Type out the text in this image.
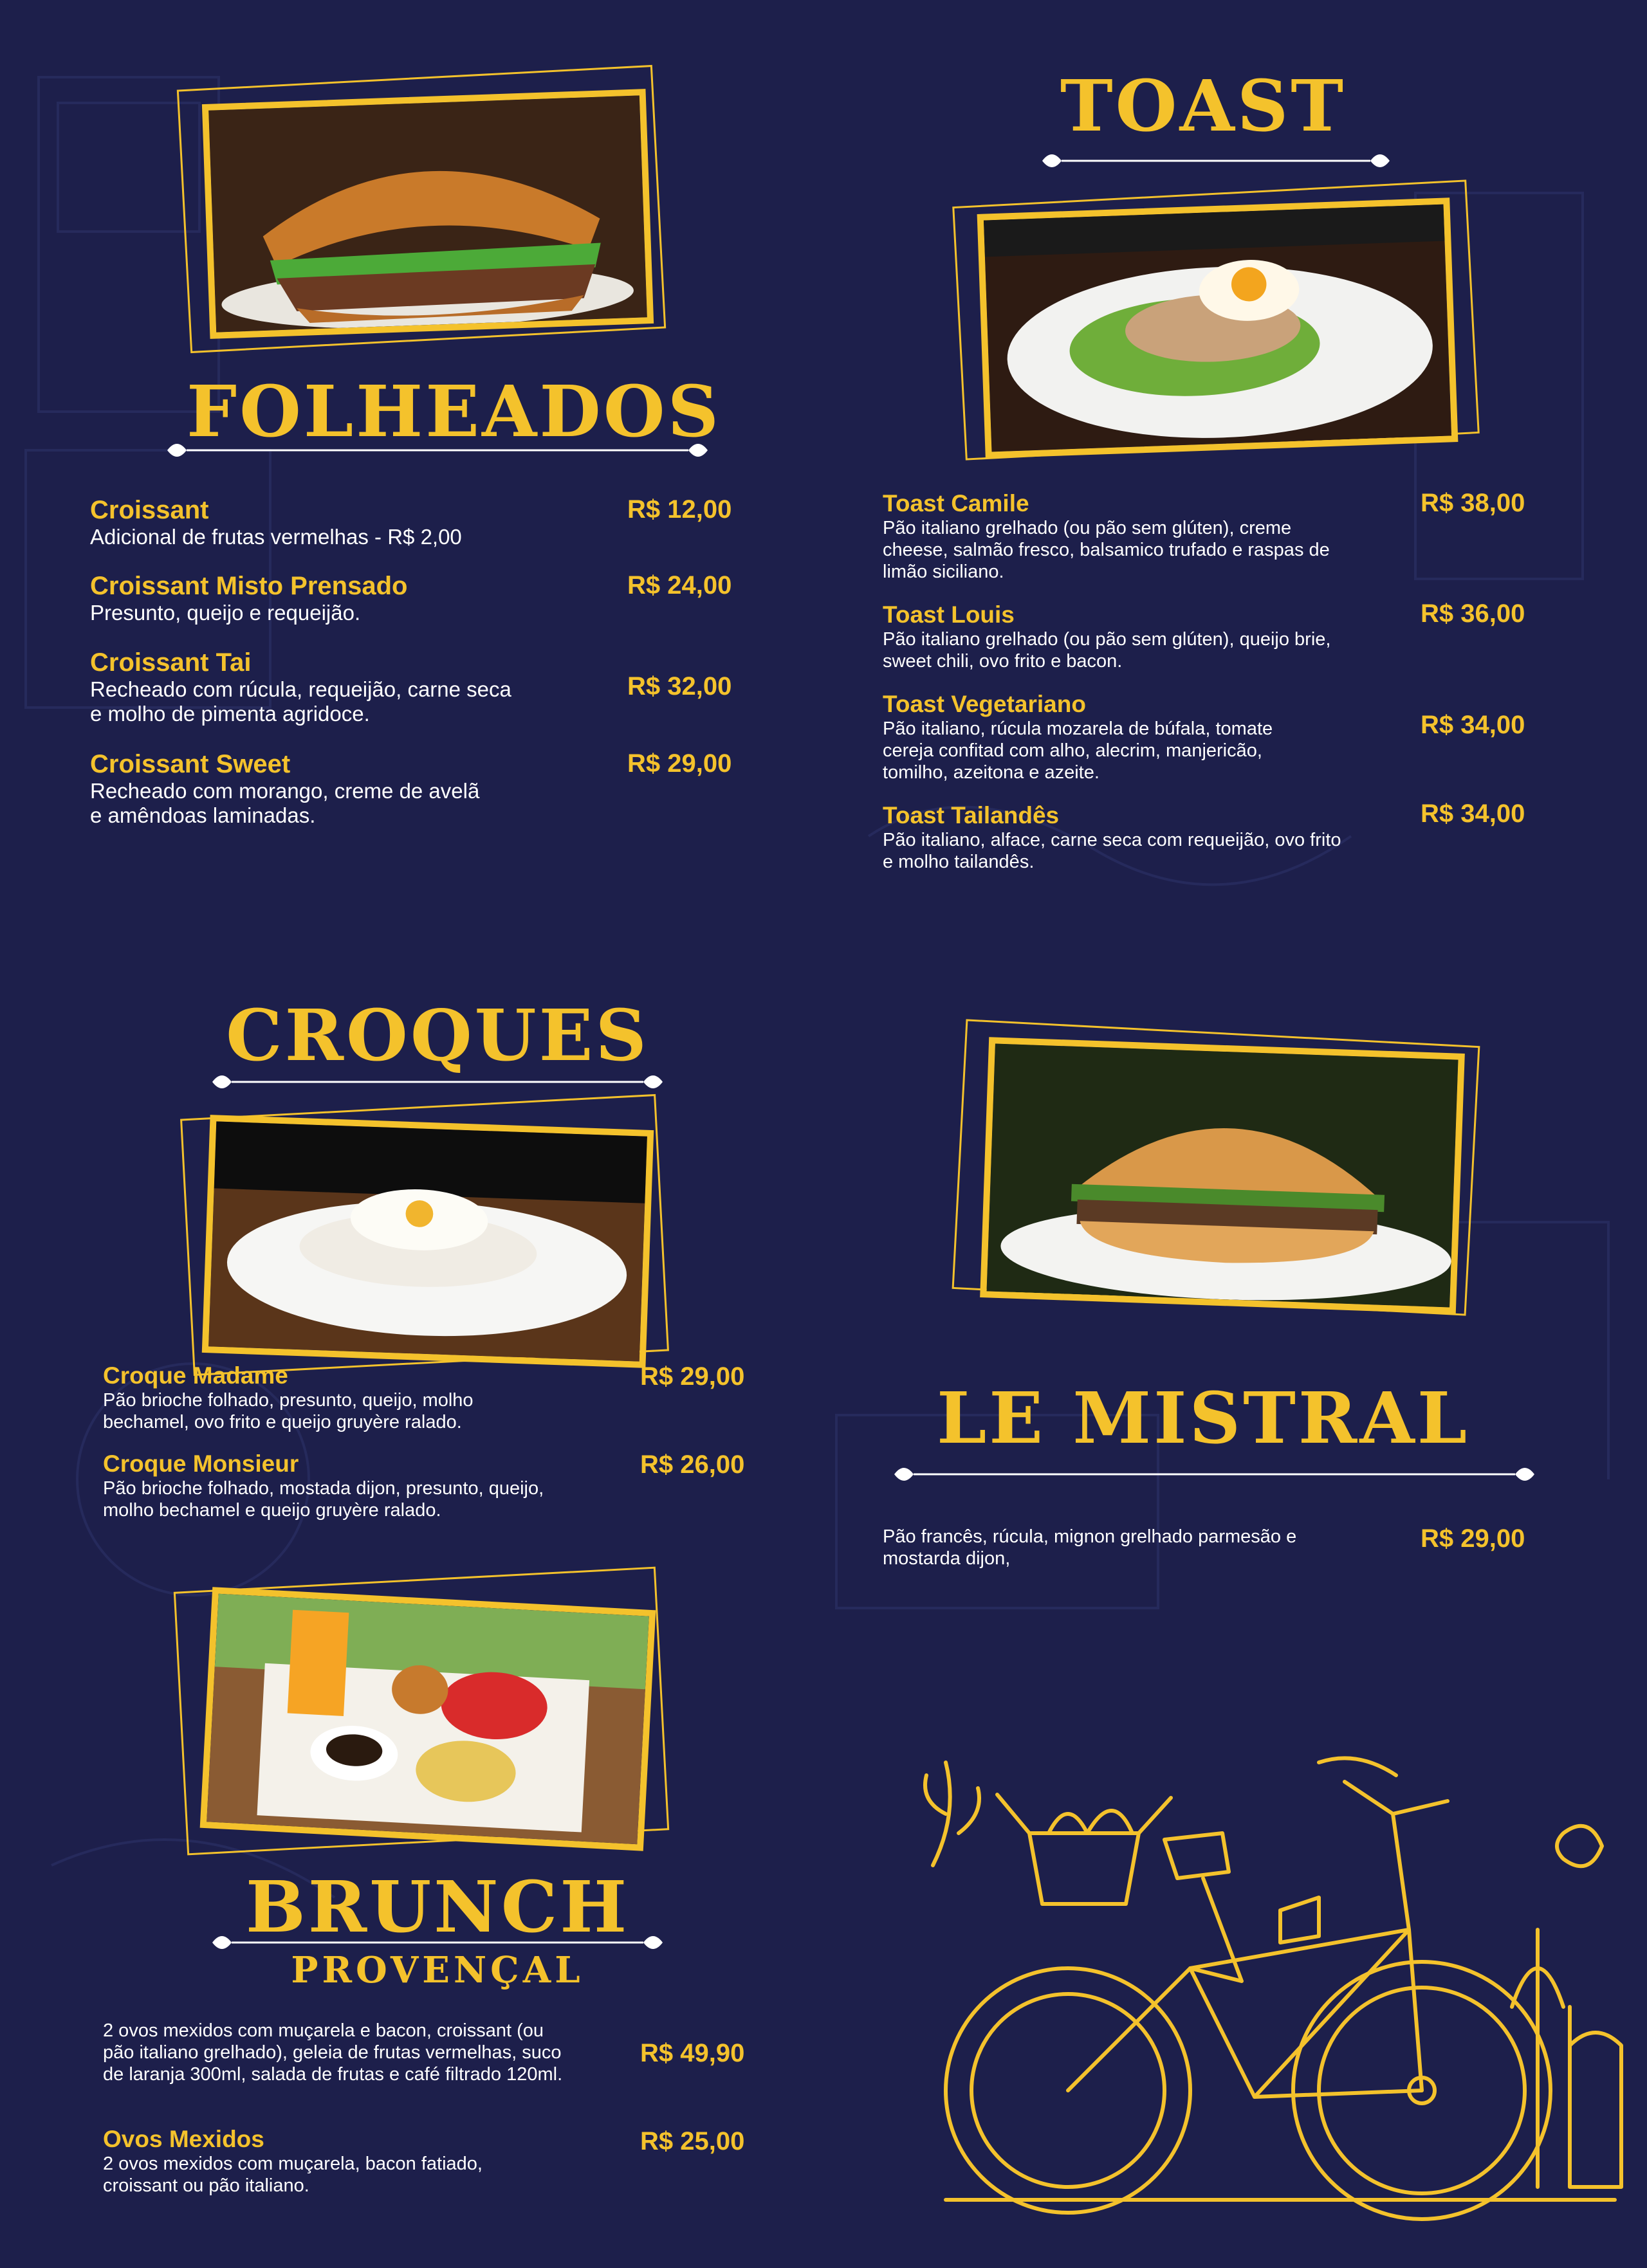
FOLHEADOS
Croissant
Adicional de frutas vermelhas - R$ 2,00
R$ 12,00
Croissant Misto Prensado
Presunto, queijo e requeijão.
R$ 24,00
Croissant Tai
Recheado com rúcula, requeijão, carne seca e molho de pimenta agridoce.
R$ 32,00
Croissant Sweet
Recheado com morango, creme de avelã e amêndoas laminadas.
R$ 29,00
TOAST
Toast Camile
Pão italiano grelhado (ou pão sem glúten), creme cheese, salmão fresco, balsamico trufado e raspas de limão siciliano.
R$ 38,00
Toast Louis
Pão italiano grelhado (ou pão sem glúten), queijo brie, sweet chili, ovo frito e bacon.
R$ 36,00
Toast Vegetariano
Pão italiano, rúcula mozarela de búfala, tomate cereja confitad com alho, alecrim, manjericão, tomilho, azeitona e azeite.
R$ 34,00
Toast Tailandês
Pão italiano, alface, carne seca com requeijão, ovo frito e molho tailandês.
R$ 34,00
CROQUES
Croque Madame
Pão brioche folhado, presunto, queijo, molho bechamel, ovo frito e queijo gruyère ralado.
R$ 29,00
Croque Monsieur
Pão brioche folhado, mostada dijon, presunto, queijo, molho bechamel e queijo gruyère ralado.
R$ 26,00
LE MISTRAL
Pão francês, rúcula, mignon grelhado parmesão e mostarda dijon,
R$ 29,00
BRUNCH
PROVENÇAL
2 ovos mexidos com muçarela e bacon, croissant (ou pão italiano grelhado), geleia de frutas vermelhas, suco de laranja 300ml, salada de frutas e café filtrado 120ml.
R$ 49,90
Ovos Mexidos
2 ovos mexidos com muçarela, bacon fatiado, croissant ou pão italiano.
R$ 25,00
